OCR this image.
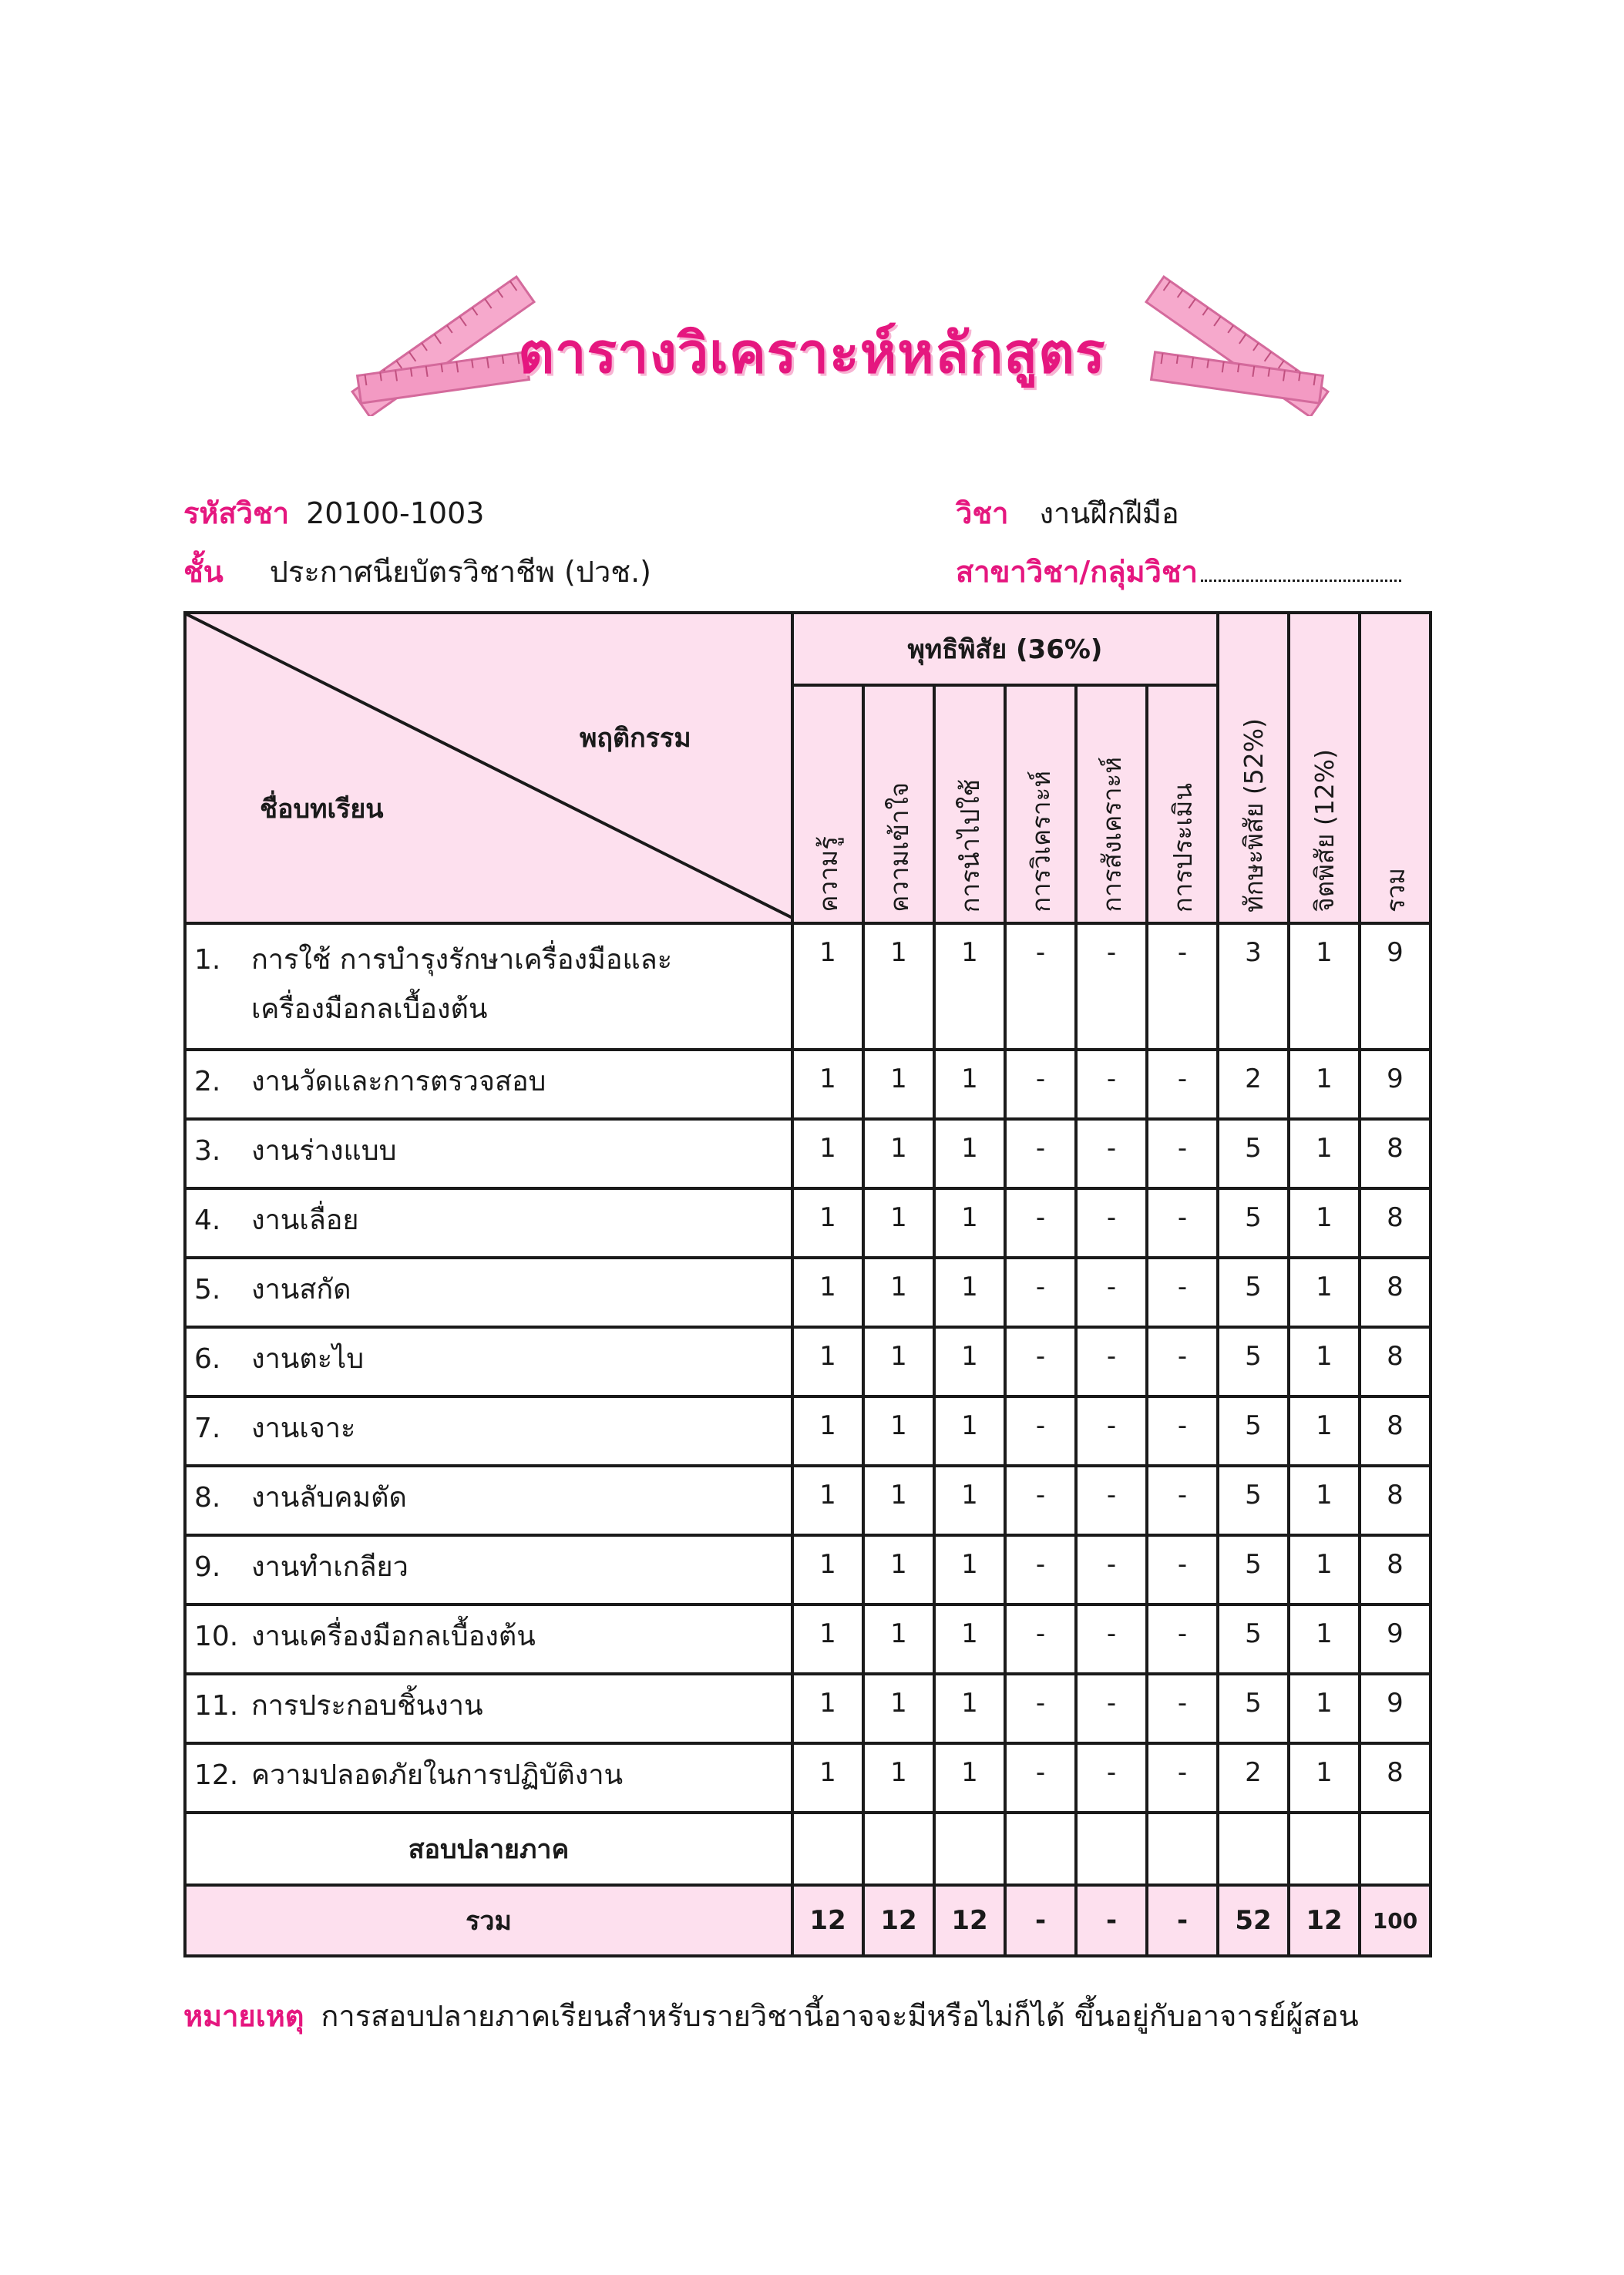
ตารางวิเคราะห์หลักสูตร
รหัสวิชา 20100-1003
ชั้น ประกาศนียบัตรวิชาชีพ (ปวช.)
วิชา งานฝึกฝีมือ
สาขาวิชา/กลุ่มวิชา
พฤติกรรม
ชื่อบทเรียน	พุทธิพิสัย (36%)						ทักษะพิสัย (52%)	จิตพิสัย (12%)	รวม

	ความรู้	ความเข้าใจ	การนำไปใช้	การวิเคราะห์	การสังเคราะห์	การประเมิน			

1. การใช้ การบำรุงรักษาเครื่องมือและ
เครื่องมือกลเบื้องต้น	1	1	1	-	-	-	3	1	9

2. งานวัดและการตรวจสอบ	1	1	1	-	-	-	2	1	9

3. งานร่างแบบ	1	1	1	-	-	-	5	1	8

4. งานเลื่อย	1	1	1	-	-	-	5	1	8

5. งานสกัด	1	1	1	-	-	-	5	1	8

6. งานตะไบ	1	1	1	-	-	-	5	1	8

7. งานเจาะ	1	1	1	-	-	-	5	1	8

8. งานลับคมตัด	1	1	1	-	-	-	5	1	8

9. งานทำเกลียว	1	1	1	-	-	-	5	1	8

10. งานเครื่องมือกลเบื้องต้น	1	1	1	-	-	-	5	1	9

11. การประกอบชิ้นงาน	1	1	1	-	-	-	5	1	9

12. ความปลอดภัยในการปฏิบัติงาน	1	1	1	-	-	-	2	1	8
สอบปลายภาค									
รวม	12	12	12	-	-	-	52	12	100
หมายเหตุ การสอบปลายภาคเรียนสำหรับรายวิชานี้อาจจะมีหรือไม่ก็ได้ ขึ้นอยู่กับอาจารย์ผู้สอน
